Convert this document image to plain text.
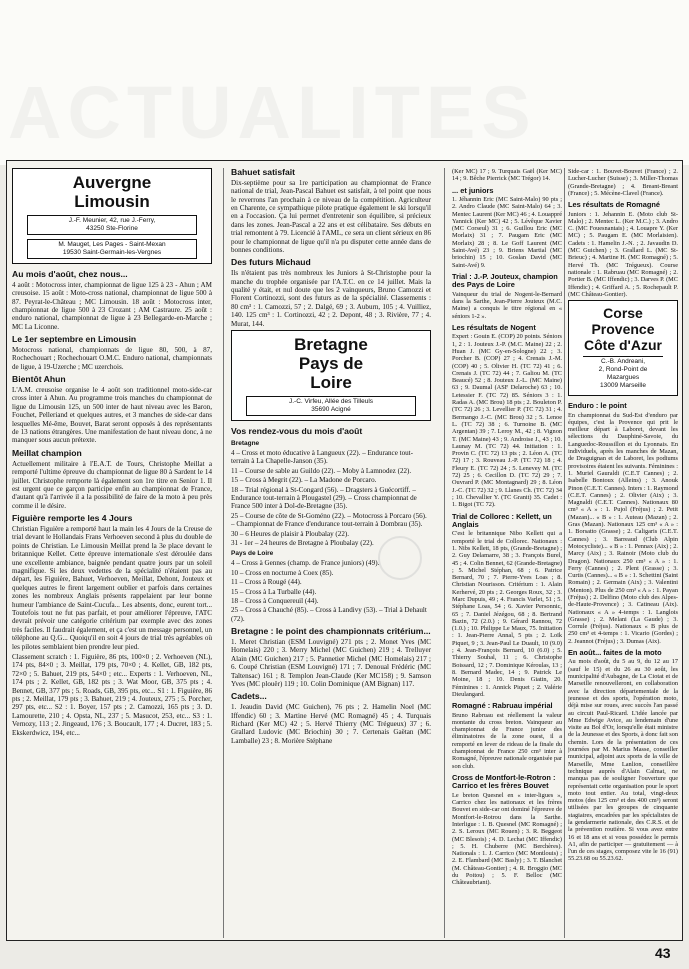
ACTUALITES
Auvergne
Limousin
J.-F. Meunier, 42, rue J.-Ferry,
43250 Ste-Florine
M. Mauget, Les Pages - Saint-Mexan
19530 Saint-Germain-les-Vergnes
Au mois d'août, chez nous...

4 août : Motocross inter, championnat de ligue 125 à 23 - Ahun ; AM creusoise. 15 août : Moto-cross national, championnat de ligue 500 à 87. Peyrat-le-Château ; MC Limousin. 18 août : Motocross inter, championnat de ligue 500 à 23 Crozant ; AM Castraure. 25 août : enduro national, championnat de ligue à 23 Bellegarde-en-Marche ; MC La Liconne.

Le 1er septembre en Limousin

Motocross national, championnats de ligue 80, 500, à 87, Rochechouart ; Rochechouart O.M.C. Enduro national, championnats de ligue, à 19-Uzerche ; MC uzerchois.

Bientôt Ahun

L'A.M. creusoise organise le 4 août son traditionnel moto-side-car cross inter à Ahun. Au programme trois manches du championnat de ligue du Limousin 125, un 500 inter de haut niveau avec les Baron, Fouchet, Pelleriand et quelques autres, et 3 manches de side-car dans lesquelles Mé-ême, Bouvet, Barat seront opposés à des représentants de 13 nations étrangères. Une manifestation de haut niveau donc, à ne manquer sous aucun prétexte.

Meillat champion

Actuellement militaire à l'E.A.T. de Tours, Christophe Meillat a remporté l'ultime épreuve du championnat de ligue 80 à Sardent le 14 juillet. Christophe remporte là également son 1re titre en Senior 1. Il est urgent que ce garçon participe enfin au championnat de France, d'autant qu'à l'arrivée il a la possibilité de faire de la moto à peu près comme il le désire.

Figuière remporte les 4 Jours

Christian Figuière a remporté haut la main les 4 Jours de la Creuse de trial devant le Hollandais Frans Verhoeven second à plus du double de points de Christian. Le Limousin Meillat prend la 3e place devant le britannique Kellet. Cette épreuve internationale s'est déroulée dans une excellente ambiance, baignée pendant quatre jours par un soleil magnifique. Si les deux vedettes de la spécialité n'étaient pas au départ, les Figuière, Bahuet, Verhoeven, Meillat, Dehont, Jouteux et quelques autres le firent largement oublier et parfois dans certaines zones les nombreux Anglais présents rappelaient par leur bonne humeur l'ambiance de Saint-Cucufa... Les absents, donc, eurent tort... Toutefois tout ne fut pas parfait, et pour améliorer l'épreuve, l'ATC devrait prévoir une catégorie critérium par exemple avec des zones très faciles. Il faudrait également, et ça c'est un message personnel, un téléphone au Q.G... Quoiqu'il en soit 4 jours de trial très agréables où les pilotes semblaient bien prendre leur pied.

Classement scratch : 1. Figuière, 86 pts, 100×0 ; 2. Verhoeven (NL), 174 pts, 84×0 ; 3. Meillat, 179 pts, 70×0 ; 4. Kellet, GB, 182 pts, 72×0 ; 5. Bahuet, 219 pts, 54×0 ; etc... Experts : 1. Verhoeven, NL, 174 pts ; 2. Kellet, GB, 182 pts ; 3. Wat Moor, GB, 375 pts ; 4. Bennet, GB, 377 pts ; 5. Roads, GB, 395 pts, etc... S1 : 1. Figuière, 86 pts ; 2. Meillat, 179 pts ; 3. Bahuet, 219 ; 4. Jouteux, 275 ; 5. Porcher, 297 pts, etc... S2 : 1. Boyer, 157 pts ; 2. Camozzi, 165 pts ; 3. D. Lamourette, 210 ; 4. Opsta, NL, 237 ; 5. Masucot, 253, etc... S3 : 1. Vernozy, 113 ; 2. Jingeaud, 176 ; 3. Boucault, 177 ; 4. Ducret, 183 ; 5. Ekskerdwicz, 194, etc...

Bahuet satisfait

Dix-septième pour sa 1re participation au championnat de France national de trial, Jean-Pascal Bahuet est satisfait, à tel point que nous le reverrons l'an prochain à ce niveau de la compétition. Agriculteur en Charente, ce sympathique pilote pratique également le ski lorsqu'il en a l'occasion. Ça lui permet d'entretenir son équilibre, si précieux dans les zones. Jean-Pascal a 22 ans et est célibataire. Ses débuts en trial remontent à 79. Licencié à l'AML, ce sera un client sérieux en 86 pour le championnat de ligue qu'il n'a pu disputer cette année dans de bonnes conditions.

Des futurs Michaud

Ils n'étaient pas très nombreux les Juniors à St-Christophe pour la manche du trophée organisée par l'A.T.C. en ce 14 juillet. Mais la qualité y était, et nul doute que les 2 vainqueurs, Bruno Camozzi et Florent Cortinozzi, sont des futurs as de la spécialité. Classements : 80 cm³ : 1. Camozzi, 57 ; 2. Dalgé, 69 ; 3. Auburn, 105 ; 4. Vuilliez, 140. 125 cm³ : 1. Cortinozzi, 42 ; 2. Depont, 48 ; 3. Rivière, 77 ; 4. Murat, 144.

Bretagne
Pays de
Loire
J.-C. Virfeu, Allée des Tilleuls
35690 Acigné
Vos rendez-vous du mois d'août
Bretagne

4 – Cross et moto éducative à Langueux (22). – Endurance tout-terrain à La Chapelle-Janson (35).

11 – Course de sable au Guildo (22). – Moby à Lamnodez (22).

15 – Cross à Megrit (22). – La Madone de Porcaro.

18 – Trial régional à St-Congard (56). – Dragsters à Guécortiff. – Endurance tout-terrain à Plougastel (29). – Cross championnat de France 500 inter à Dol-de-Bretagne (35).

25 – Course de côte de St-Goméno (22). – Motocross à Porcaro (56). – Championnat de France d'endurance tout-terrain à Dombrau (35).

30 – 6 Heures de plaisir à Ploubalay (22).

31 - 1er – 24 heures de Bretagne à Ploubalay (22).

Pays de Loire

4 – Cross à Gennes (champ. de France juniors) (49).

10 – Cross en nocturne à Coex (85).

11 – Cross à Rougé (44).

15 – Cross à La Turballe (44).

18 – Cross à Conquereuil (44).

25 – Cross à Chauché (85). – Cross à Landivy (53). – Trial à Dehault (72).

Bretagne : le point des championnats critérium...

1. Meret Christian (ESM Louvigné) 271 pts ; 2. Monet Yves (MC Homelais) 220 ; 3. Merry Michel (MC Guichen) 219 ; 4. Trelluyer Alain (MC Guichen) 217 ; 5. Pannetier Michel (MC Homelais) 217 ; 6. Coupé Christian (ESM Louvigné) 171 ; 7. Denoual Frédéric (MC Taltensac) 161 ; 8. Templon Jean-Claude (Ker MC158) ; 9. Samson Yves (MC plouër) 119 ; 10. Colin Dominique (AM Bignan) 117.

Cadets...

1. Jeaudin David (MC Guichen), 76 pts ; 2. Hamelin Noel (MC Iffendic) 60 ; 3. Martine Hervé (MC Romagné) 45 ; 4. Turquais Richard (Ker MC) 42 ; 5. Hervé Thierry (MC Trégueux) 37 ; 6. Grallard Ludovic (MC Briochin) 30 ; 7. Certenais Gaëtan (MC Lamballe) 23 ; 8. Morière Stéphane

43

(Ker MC) 17 ; 9. Turquais Gaël (Ker MC) 14 ; 9. Bêche Pierrick (MC Trégor) 14.

... et juniors

1. Jéhannin Eric (MC Saint-Malo) 90 pts ; 2. Andro Claude (MC Saint-Malo) 64 ; 3. Mentec Laurent (Ker MC) 46 ; 4. Louappré Yannick (Ker MC) 42 ; 5. Lévêque Xavier (MC Corseul) 31 ; 6. Guillou Eric (MC Morlaix) 31 ; 7. Paugam Eric (MC Morlaix) 28 ; 8. Le Goff Laurent (MC Saint-Avé) 23 ; 9. Briens Martial (MC briochin) 15 ; 10. Goslan David (MC Saint-Avé) 9.

Trial : J.-P. Jouteux, champion des Pays de Loire

Vainqueur du trial de Nogent-le-Bernard dans la Sarthe, Jean-Pierre Jouteux (M.C. Maine) a conquis le titre régional en « séniors 1-2 ».

Les résultats de Nogent

Expert : Gouin E. (COP) 20 points. Séniors 1, 2 : 1. Jouteux J.-P. (M.C. Maine) 22 ; 2. Huan J. (MC Gy-en-Sologne) 22 ; 3. Porcher B. (COP) 27 ; 4. Crenais J.-M. (COP) 40 ; 5. Olivier H. (TC 72) 41 ; 6. Crenais J. (TC 72) 44 ; 7. Galiou M. (TC Beaucé) 52 ; 8. Jouteux J.-L. (MC Maine) 63 ; 9. Daumal (ASF Delaroche) 63 ; 10. Letessier F. (TC 72) 85. Séniors 3 : 1. Radas A. (MC Brou) 18 pts ; 2. Bouleton P. (TC 72) 26 ; 3. Levellier P. (TC 72) 31 ; 4. Bermango J.-C. (MC Brou) 32 ; 5. Lenoe L. (TC 72) 38 ; 6. Turnoine B. (MC Argentan) 39 ; 7. Leroy M., 42 ; 8. Vignon T. (MC Maine) 43 ; 9. Androise J., 43 ; 10. Launay M. (TC 72) 44. Initiation : 1. Provin C. (TC 72) 13 pts ; 2. Léon A. (TC 72) 17 ; 3. Rouveau J.-P. (TC 72) 18 ; 4. Fleury E. (TC 72) 24 ; 5. Lenevey M. (TC 72) 25 ; 6. Cecillon D. (TC 72) 29 ; 7. Ouvrard P. (MC Montagnard) 29 ; 8. Léon J.-C. (TC 72) 32 ; 9. Llanes Ch. (TC 72) 34 ; 10. Chevallier Y. (TC Granit) 35. Cadet : 1. Bigot (TC 72).

Trial de Collorec : Kellett, un Anglais

C'est le britannique Nibo Kellett qui a remporté le trial de Collorec. Nationaux : 1. Nibs Kellett, 18 pts, (Grande-Bretagne) ; 2. Guy Delamarre, 38 ; 3. François Burel, 45 ; 4. Colin Bennet, 62 (Grande-Bretagne) ; 5. Michel Stéphan, 68 ; 6. Patrice Bernard, 70 ; 7. Pierre-Yves Loas ; 8. Christian Nourisson. Critérium : 1. Alain Kerhervé, 20 pts ; 2. Georges Roux, 32 ; 3. Marc Dupuis, 49 ; 4. Francis Varlet, 51 ; 5. Stéphane Loas, 54 ; 6. Xavier Personnic, 65 ; 7. Daniel Jézégou, 68 ; 8. Bertrand Bazin, 72 (2.0.) ; 9. Gérard Rannou, 72 (1.0.) ; 10. Philippe Le Maux, 75. Initiation : 1. Jean-Pierre Annal, 5 pts ; 2. Loïk Piquet, 9 ; 3. Jean-Paul Le Duault, 10 (9.0) ; 4. Jean-François Bernard, 10 (6.0) ; 5. Thierry Souhal, 11 ; 6. Christophe Boissard, 12 ; 7. Dominique Kéroulas, 13 ; 8. Bernard Madec, 14 ; 9. Patrick Le Moine, 18 ; 10. Denis Giatin, 20. Féminines : 1. Annick Piquet ; 2. Valérie Dieulangard.

Romagné : Rabruau impérial

Bruno Rabruau est réellement la valeur montante du cross breton. Vainqueur au championnat de France junior des éliminatoires de la zone ouest, il a remporté en lever de rideau de la finale du championnat de France 250 cm³ inter à Romagné, l'épreuve nationale organisée par son club.

Cross de Montfort-le-Rotron : Carrico et les frères Bouvet

Le breton Quesnel en « inter-ligues », Carrico chez les nationaux et les frères Bouvet en side-car ont dominé l'épreuve de Montfort-le-Rotrou dans la Sarthe. Interligue : 1. B. Quesnel (MC Romagné) ; 2. S. Leroux (MC Rouen) ; 3. R. Beggeot (MC Blesois) ; 4. D. Lechat (MC Iffendic) ; 5. H. Chuberre (MC Berchères). Nationals : 1. J. Carrico (MC Montlouis) ; 2. E. Flambard (MC Basly) ; 3. T. Blanchet (M. Château-Gontier) ; 4. R. Broggio (MC du Poitou) ; 5. F. Belloc (MC Châteaubriant).

Side-car : 1. Bouvet-Bouvet (France) ; 2. Lucher-Lucher (Suisse) ; 3. Miller-Thomas (Grande-Bretagne) ; 4. Breant-Breant (France) ; 5. Mécène-Clavel (France).

Les résultats de Romagné

Juniors : 1. Jehannin E. (Moto club St-Malo) ; 2. Mentec L. (Ker M.C.) ; 3. Andro C. (MC Fouesnantais) ; 4. Louapre Y. (Ker MC) ; 5. Paugam E. (MC Morlaisien). Cadets : 1. Hamelin J.-N. ; 2. Javaudin D. (MC Guichen) ; 3. Grallard L. (MC St-Brieuc) ; 4. Martine H. (MC Romagné) ; 5. Hervé Th. (MC Trégueux). Course nationale : 1. Rabruau (MC Romagné) ; 2. Portier B. (MC Iffendic) ; 3. Darves P. (MC Iffendic) ; 4. Griffard A. ; 5. Rochepault P. (MC Château-Gontier).

Corse
Provence
Côte d'Azur
C.-B. Andreani,
2, Rond-Point de Mazargues
13009 Marseille
Enduro : le point

En championnat du Sud-Est d'enduro par équipes, c'est la Provence qui prit le meilleur départ à Laboret, devant les sélections du Dauphiné-Savoie, du Languedoc-Roussillon et du Lyonnais. En individuels, après les manches de Mazan, de Draguignan et de Laboret, les podiums provisoires étaient les suivants. Féminines : 1. Muriel Gauraldi (C.E.T Cannes) ; 2. Isabelle Bontoux (Alleins) ; 3. Anouk Pinon (C.E.T. Cannes). Inters : 1. Raymond (C.E.T. Cannes) ; 2. Olivier (Aix) ; 3. Magnaldi (C.E.T. Cannes). Nationaux 80 cm³ « A » : 1. Pujol (Fréjus) ; 2. Petit (Mazan)... « B » : 1. Auteau (Mazan) ; 2. Gras (Mazan). Nationaux 125 cm³ « A » : 1. Borsatto (Grasse) ; 2. Caligaris (C.E.T. Cannes) ; 3. Barreaud (Club Alpin Motocycliste)... « B » : 1. Pennax (Aix) ; 2. Marcy (Aix) ; 3. Rainoir (Moto club du Dragon). Nationaux 250 cm³ « A » : 1. Ferry (Cannes) ; 2. Plent (Grasse) ; 3. Curtis (Cannes)... « B » : 1. Schettini (Saint Romain) ; 2. Germain (Aix) ; 3. Valentini (Menton). Plus de 250 cm³ « A » : 1. Payan (Fréjus) ; 2. Delfino (Moto club des Alpes-de-Haute-Provence) ; 3. Catineau (Aix). Nationaux « A » 4-temps : 1. Langlois (Grasse) ; 2. Melani (La Gaude) ; 3. Corrule (Fréjus). Nationaux « B plus de 250 cm³ et 4-temps : 1. Vicario (Gordes) ; 2. Jeannot (Fréjus) ; 3. Dumas (Aix).

En août... faites de la moto

Au mois d'août, du 5 au 9, du 12 au 17 (sauf le 15) et du 26 au 30 août, les municipalité d'Aubagne, de La Ciotat et de Marseille renouvelleront, en collaboration avec la direction départementale de la jeunesse et des sports, l'opération moto, déjà mise sur roues, avec succès l'an passé au circuit Paul-Ricard. L'idée lancée par Mme Edwige Avice, au lendemain d'une visite au Bol d'Or, lorsqu'elle était ministre de la Jeunesse et des Sports, à donc fait son chemin. Lors de la présentation de ces journées par M. Marius Masse, conseiller municipal, adjoint aux sports de la ville de Marseille, Mme Lanlion, conseillère technique auprès d'Alain Calmat, ne manqua pas de souligner l'ouverture que représentait cette organisation pour le sport moto tout entier. Au total, vingt-deux motos (des 125 cm³ et des 400 cm³) seront utilisées par les groupes de cinquante stagiaires, encadrées par les spécialistes de la gendarmerie nationale, des C.R.S. et de la prévention routière. Si vous avez entre 16 et 18 ans et si vous possédez le permis A1, afin de participer — gratuitement — à l'un de ces stages, composez vite le 16 (91) 55.23.68 ou 55.23.62.
